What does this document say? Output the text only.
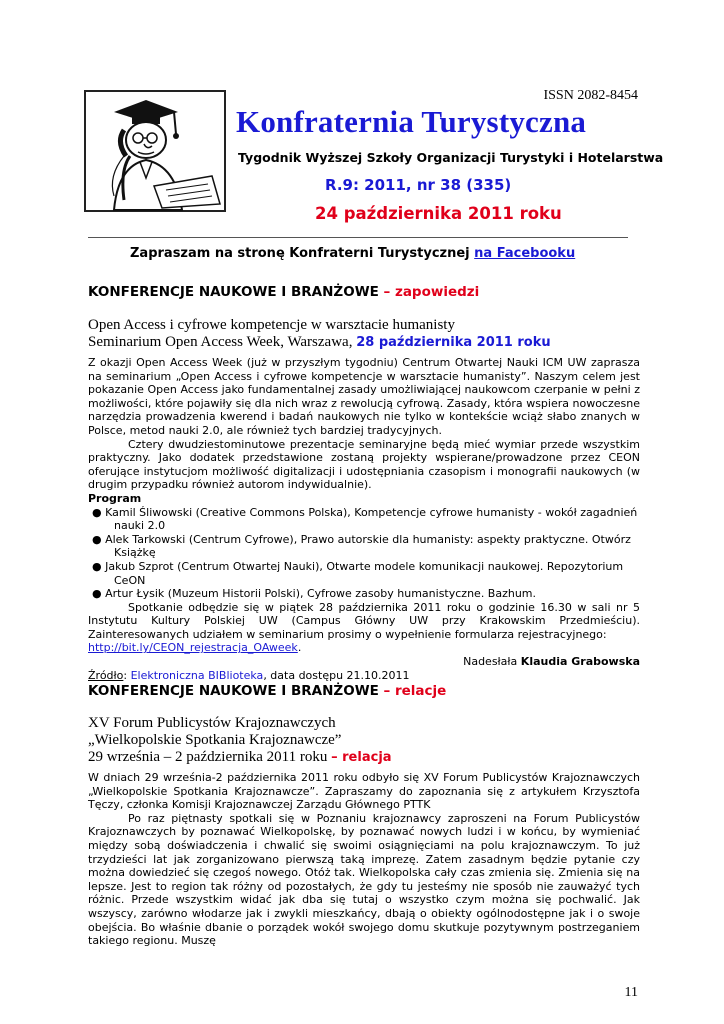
ISSN 2082-8454
Konfraternia Turystyczna
Tygodnik Wyższej Szkoły Organizacji Turystyki i Hotelarstwa
R.9: 2011, nr 38 (335)
24 października 2011 roku
Zapraszam na stronę Konfraterni Turystycznej na Facebooku
KONFERENCJE NAUKOWE I BRANŻOWE – zapowiedzi
Open Access i cyfrowe kompetencje w warsztacie humanisty
Seminarium Open Access Week, Warszawa, 28 października 2011 roku

Z okazji Open Access Week (już w przyszłym tygodniu) Centrum Otwartej Nauki ICM UW zaprasza na seminarium „Open Access i cyfrowe kompetencje w warsztacie humanisty”. Naszym celem jest pokazanie Open Access jako fundamentalnej zasady umożliwiającej naukowcom czerpanie w pełni z możliwości, które pojawiły się dla nich wraz z rewolucją cyfrową. Zasady, która wspiera nowoczesne narzędzia prowadzenia kwerend i badań naukowych nie tylko w kontekście wciąż słabo znanych w Polsce, metod nauki 2.0, ale również tych bardziej tradycyjnych.

Cztery dwudziestominutowe prezentacje seminaryjne będą mieć wymiar przede wszystkim praktyczny. Jako dodatek przedstawione zostaną projekty wspierane/prowadzone przez CEON oferujące instytucjom możliwość digitalizacji i udostępniania czasopism i monografii naukowych (w drugim przypadku również autorom indywidualnie).

Program

● Kamil Śliwowski (Creative Commons Polska), Kompetencje cyfrowe humanisty - wokół zagadnień nauki 2.0
● Alek Tarkowski (Centrum Cyfrowe), Prawo autorskie dla humanisty: aspekty praktyczne. Otwórz Książkę
● Jakub Szprot (Centrum Otwartej Nauki), Otwarte modele komunikacji naukowej. Repozytorium CeON
● Artur Łysik (Muzeum Historii Polski), Cyfrowe zasoby humanistyczne. Bazhum.

Spotkanie odbędzie się w piątek 28 października 2011 roku o godzinie 16.30 w sali nr 5 Instytutu Kultury Polskiej UW (Campus Główny UW przy Krakowskim Przedmieściu). Zainteresowanych udziałem w seminarium prosimy o wypełnienie formularza rejestracyjnego:

http://bit.ly/CEON_rejestracja_OAweek.

Nadesłała Klaudia Grabowska

Źródło: Elektroniczna BIBlioteka, data dostępu 21.10.2011

KONFERENCJE NAUKOWE I BRANŻOWE – relacje
XV Forum Publicystów Krajoznawczych
„Wielkopolskie Spotkania Krajoznawcze”
29 września – 2 października 2011 roku – relacja

W dniach 29 września-2 października 2011 roku odbyło się XV Forum Publicystów Krajoznawczych „Wielkopolskie Spotkania Krajoznawcze”. Zapraszamy do zapoznania się z artykułem Krzysztofa Tęczy, członka Komisji Krajoznawczej Zarządu Głównego PTTK

Po raz piętnasty spotkali się w Poznaniu krajoznawcy zaproszeni na Forum Publicystów Krajoznawczych by poznawać Wielkopolskę, by poznawać nowych ludzi i w końcu, by wymieniać między sobą doświadczenia i chwalić się swoimi osiągnięciami na polu krajoznawczym. To już trzydzieści lat jak zorganizowano pierwszą taką imprezę. Zatem zasadnym będzie pytanie czy można dowiedzieć się czegoś nowego. Otóż tak. Wielkopolska cały czas zmienia się. Zmienia się na lepsze. Jest to region tak różny od pozostałych, że gdy tu jesteśmy nie sposób nie zauważyć tych różnic. Przede wszystkim widać jak dba się tutaj o wszystko czym można się pochwalić. Jak wszyscy, zarówno włodarze jak i zwykli mieszkańcy, dbają o obiekty ogólnodostępne jak i o swoje obejścia. Bo właśnie dbanie o porządek wokół swojego domu skutkuje pozytywnym postrzeganiem takiego regionu. Muszę

11
